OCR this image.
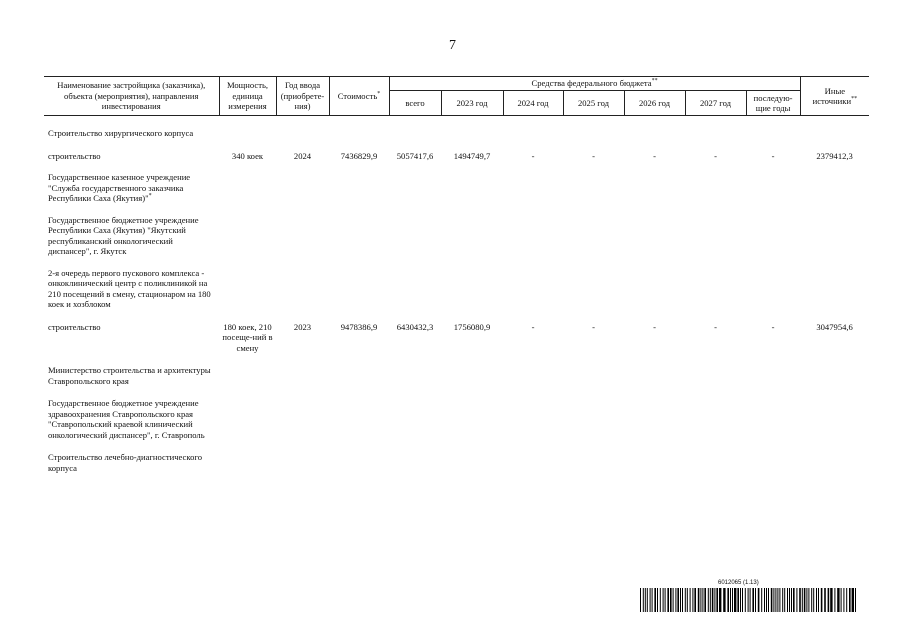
7
Наименование застройщика (заказчика), объекта (мероприятия), направления инвестирования	Мощность, единица измерения	Год ввода (приобрете-ния)	Стоимость*	Средства федерального бюджета**							Иные источники**
				всего	2023 год	2024 год	2025 год	2026 год	2027 год	последую-щие годы	
Строительство хирургического корпуса											
строительство	340 коек	2024	7436829,9	5057417,6	1494749,7	-	-	-	-	-	2379412,3
Государственное казенное учреждение "Служба государственного заказчика Республики Саха (Якутия)"*											
Государственное бюджетное учреждение Республики Саха (Якутия) "Якутский республиканский онкологический диспансер", г. Якутск											
2-я очередь первого пускового комплекса - онкоклинический центр с поликлиникой на 210 посещений в смену, стационаром на 180 коек и хозблоком											
строительство	180 коек, 210 посеще-ний в смену	2023	9478386,9	6430432,3	1756080,9	-	-	-	-	-	3047954,6
Министерство строительства и архитектуры Ставропольского края											
Государственное бюджетное учреждение здравоохранения Ставропольского края "Ставропольский краевой клинический онкологический диспансер", г. Ставрополь											
Строительство лечебно-диагностического корпуса											
6012065 (1.13)
